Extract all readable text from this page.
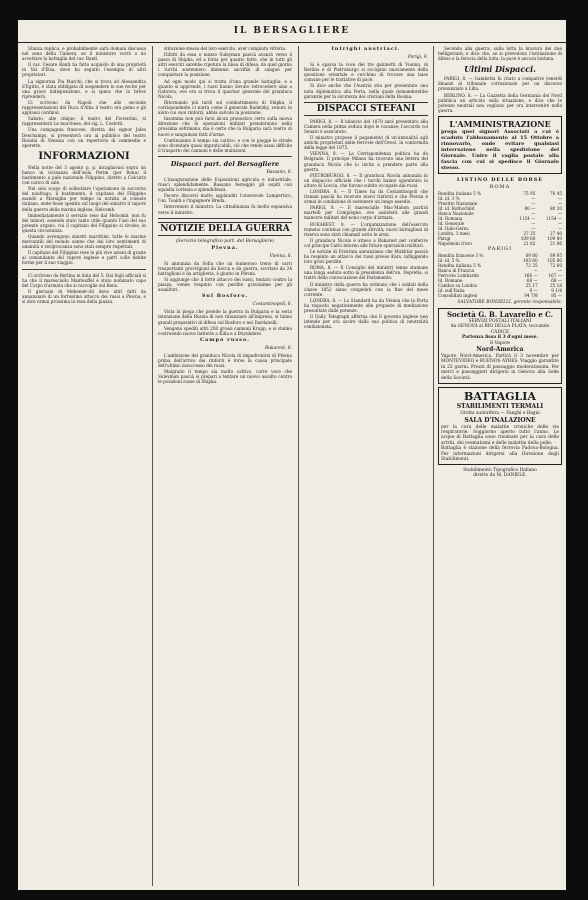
IL BERSAGLIERE

Stanza replica, e probabilmente sarà domani discussa nel seno della Camera, se il ministero vorrà o no accettare la battaglia del cav. Banti.

Il cav. Cesare Banti ha fatto acquisto di una proprietà in Val d'Elsa, dove ha seguito l'esempio di altri proprietari.

La signorina Pia Marchi, che si trova ad Alessandria d'Egitto, è stata obbligata di sospendere le sue recite per una grave indisposizione, e si spera che in breve riprenderà.

Ci scrivono da Napoli che alle seconde rappresentazioni del Duca d'Alba il teatro era pieno e gli applausi continui.

Sabato, alle cinque, il teatro del Fiorentini, si rappresenterà Le marchese, del sig. L. Costetti.

Una compagnia francese, diretta dal signor Jules Deschamps, si presenterà ora al pubblico del teatro Rossini di Venezia con un repertorio di commedie e operette.

INFORMAZIONI

Nella notte del 3 agosto p. p. incagliavasi sopra un banco in vicinanza dell'isola Perim (per Bona) il bastimento a palo nazionale Filippino, diretto a Calcutta con carico di sale.

Nel solo scopo di sollecitare l'operazione in soccorso del naufrago, il bastimento, il capitano del Filippino mandò a Marsiglia per tempo la notizia al console italiano, onde fosse spedito sul luogo del sinistro il vapore della guerra della marina inglese, Helcomb.

Immediatamente il servizio reso dal Helcomb, non fu dei minori, essendo stato tanto utile quanto l'uso del suo potente argano, cui il capitano del Filippino si rivolse, in questa circostanza.

Quando avvengono sinistri marittimi, tutte le marine mercantili del mondo sanno che dai loro sentimenti di umanità e reciprocanza sono stati sempre rispettati.

Il capitano del Filippino rese le più vive azioni di grazie al comandante del vapore inglese e parti colle debite forme per il suo viaggio.

Ci scrivono da Berlino in data del 5: Dai fogli ufficiali si ha che il maresciallo Manteuffel è stato nominato capo del Corpo d'armata che si raccoglie sul Reno.

Il giornale di Mehemet-Ali deve altri fatti da annunziare di un fortissimo attacco dei russi a Plevna, e si dice ormai prossima la resa della piazza.

stituzione stessa del loro esercito, aver compiuta vittoria.

Difatti da essa e mezzo Suleyman pascià avanzò verso il passo di Shipka, ed a forza per quanto fatto, che in tutti gli altri eserciti sarebbe ripetuta la linea di difesa, da quel giorno i turchi sostennero immensi sacrifizi di sangue per conquistare la posizione.

Ad ogni modo qui si tratta d'una grande battaglia: e a quanto si apprende, i russi hanno dovuto retrocedere sino a Gabrova, ove ora si trova il quartier generale del granduca Nicola.

Ritornando più tardi sul combattimento di Shipka, il corrispondente ci narra come il generale Radetzky, venuto in aiuto coi suoi rinforzi, abbia salvato la posizione.

Insomma non può farsi alcun pronostico certo sulla nuova direzione che le operazioni militari prenderanno nella prossima settimana, ma è certo che la Bulgaria sarà teatro di nuovi e sanguinosi fatti d'arme.

Continuiamo il tempo sia cattivo, e con le piogge le strade sono diventate quasi impraticabili, ciò che rende assai difficile il trasporto dei cannoni e delle munizioni.

Dispacci part. del Bersagliere
Bassano, 8.

L'inaugurazione delle Esposizioni agricola e industriale, riuscì splendidamente. Bassano festeggiò gli ospiti con squisita cortesia e splendidezza.

Fecero discorsi molto applauditi l'onorevole Lampertico, l'on. Toaldi e l'ingegnere Breda.

Intervenuto il ministro. La cittadinanza fu molto espansiva verso il ministro.

NOTIZIE DELLA GUERRA
(Servizio telegrafico part. del Bersagliere)
Plevna.
Vienna, 8.

Si annunzia da Sofia che un numeroso treno di carri trasportanti provvigioni da bocca e da guerra, scortato da 24 battaglioni e da artiglieria, è giunto in Plevna.

Si aggiunge che il forte attacco dei russi, tentato contro la piazza, venne respinto con perdite gravissime per gli assalitori.

Sul Bosforo.
Costantinopoli, 8.

Vista la piega che prende la guerra in Bulgaria e la seria intenzione della Russia di non rinunziare all'impresa, si fanno grandi preparativi di difesa sul Bosforo e nei Dardanelli.

Vengono spediti altri 200 grossi cannoni Krupp, e si stanno costruendo nuove batterie a Kilia e a Buyukdere.

Campo russo.
Bukarest, 8.

L'ambizione del granduca Nicola di impadronirsi di Plevna prima dell'arrivo dei rinforzi è forse la causa principale dell'ultimo insuccesso dei russi.

Malgrado il tempo sia molto cattivo, corre voce che Suleyman pascià si prepari a tentare un nuovo assalto contro le posizioni russe di Shipka.

Intrighi austriaci.
Parigi, 9.

Si è sparsa la voce dei tre gabinetti di Vienna, di Berlino e di Pietroburgo si occupino nuovamente della questione orientale e cerchino di trovare una base comune per le trattative di pace.

Si dice anche che l'Austria stia per presentare una nota diplomatica alla Porta, nella quale domanderebbe garanzie per la sicurezza dei cristiani della Bosnia.

DISPACCI STEFANI

PARIGI, 8. — Il bilancio del 1878 sarà presentato alla Camera nella prima seduta dopo le vacanze; l'accordo col Senato è assicurato.

Il ministro propose il pagamento di un'annualità agli antichi proprietari delle ferrovie dell'Ovest, in conformità della legge del 1875.

VIENNA, 8. — La Corrispondenza politica ha da Belgrado: Il principe Milano ha ricevuto una lettera del granduca Nicola che lo invita a prendere parte alla guerra.

PIETROBURGO, 8. — Il granduca Nicola annunzia in un dispaccio ufficiale che i turchi hanno sgombrato le alture di Lovcia, che furono subito occupate dai russi.

LONDRA, 8. — Il Times ha da Costantinopoli che Osman pascià ha ricevuto nuovi rinforzi e che Plevna è ormai in condizione di sostenere un lungo assedio.

PARIGI, 8. — Il maresciallo Mac-Mahon partirà martedì per Compiègne, ove assisterà alle grandi manovre militari del nono corpo d'armata.

BUKAREST, 8. — L'organizzazione dell'esercito rumeno continua con grande attività; nuovi battaglioni di riserva sono stati chiamati sotto le armi.

Il granduca Nicola è atteso a Bukarest per conferire col principe Carlo intorno alle future operazioni militari.

Le notizie di Erzerum annunziano che Mukhtar pascià ha respinto un attacco dei russi presso Kars, infliggendo loro gravi perdite.

ROMA, 8. — Il Consiglio dei ministri tenne stamane una lunga seduta sotto la presidenza dell'on. Depretis; si trattò della convocazione del Parlamento.

Il ministro della guerra ha ordinato che i soldati della classe 1852 siano congedati con la fine del mese corrente.

LONDRA, 8. — Lo Standard ha da Vienna che la Porta ha risposto negativamente alle proposte di mediazione presentate dalle potenze.

Il Daily Telegraph afferma che il governo inglese non intende per ora uscire dalla sua politica di neutralità condizionata.

Secondo alla guerra, sulla lotta la bravura dei due belligeranti; e dice che, se si prevedono l'ostinazione di difesa e la ferocia della lotta, la pace è ancora lontana.

Ultimi Dispacci.

PARIGI, 8. — Gambetta fu citato a comparire venerdì dinanzi al tribunale correzionale per un discorso pronunziato a Lilla.

BERLINO, 8. — La Gazzetta della Germania del Nord pubblica un articolo sulla situazione, e dice che le potenze neutrali non vogliono per ora intervenire nella guerra.

L'AMMINISTRAZIONE
prega quei signori Associati a cui è scaduto l'abbonamento al 15 Ottobre a rinnovarlo, onde evitare qualsiasi interruzione nella spedizione del Giornale. Unire il vaglia postale alla fascia con cui si spedisce il Giornale stesso.
LISTINO DELLE BORSE
ROMA
Rendita italiana 5 %	75 95	76 45
Id. id. 3 %	—	—
Prestito Nazionale	—	—
Id. id. Rothschild	80 —	80 20
Banca Nazionale	—	—
Id. Romana	1154 —	1154 —
Id. Generale	—	—
Id. Italo-Germ.	—	—
Londra, 3 mesi	27 35	27 40
Parigi	109 60	109 80
Napoleoni d'oro	21 82	21 86
PARIGI
Rendita francese 3 %	69 80	69 95
Id. id. 5 %	105 60	105 80
Rendita italiana 5 %	72 35	72 60
Banca di Francia	—	—
Ferrovie Lombarde	166 —	167 —
Id. Romane	68 —	68 —
Cambio su Londra	25 17	25 18
Id. sull'Italia	9 —	9 1/4
Consolidati inglesi	94 7/8	95 —
SALVATORE BONZELLI, gerente responsabile.
Società G. B. Lavarello e C.
SERVIZI POSTALI ITALIANI
da GENOVA al RIO DELLA PLATA, toccando CADICE
Partenza fissa il 3 d'ogni mese.
Il Vapore
Nord-America
Vapore Nord-America. Partirà il 3 novembre per MONTEVIDEO e BUENOS AYRES. Viaggio garantito in 22 giorni. Prezzi di passaggio moderatissimi. Per merci e passeggieri dirigersi in Genova alla Sede della Società.
BATTAGLIA
STABILIMENTI TERMALI
Grotta sudorifera — Fanghi e Bagni
SALA D'INALAZIONE
per la cura delle malattie croniche delle vie respiratorie. Soggiorno aperto tutto l'anno. Le acque di Battaglia sono rinomate per la cura delle artriti, dei reumatismi e delle malattie della pelle.
Battaglia è stazione della ferrovia Padova-Bologna. Per informazioni dirigersi alla Direzione degli Stabilimenti.
Stabilimento Tipografico Italiano
diretto da M. DANIELE.
